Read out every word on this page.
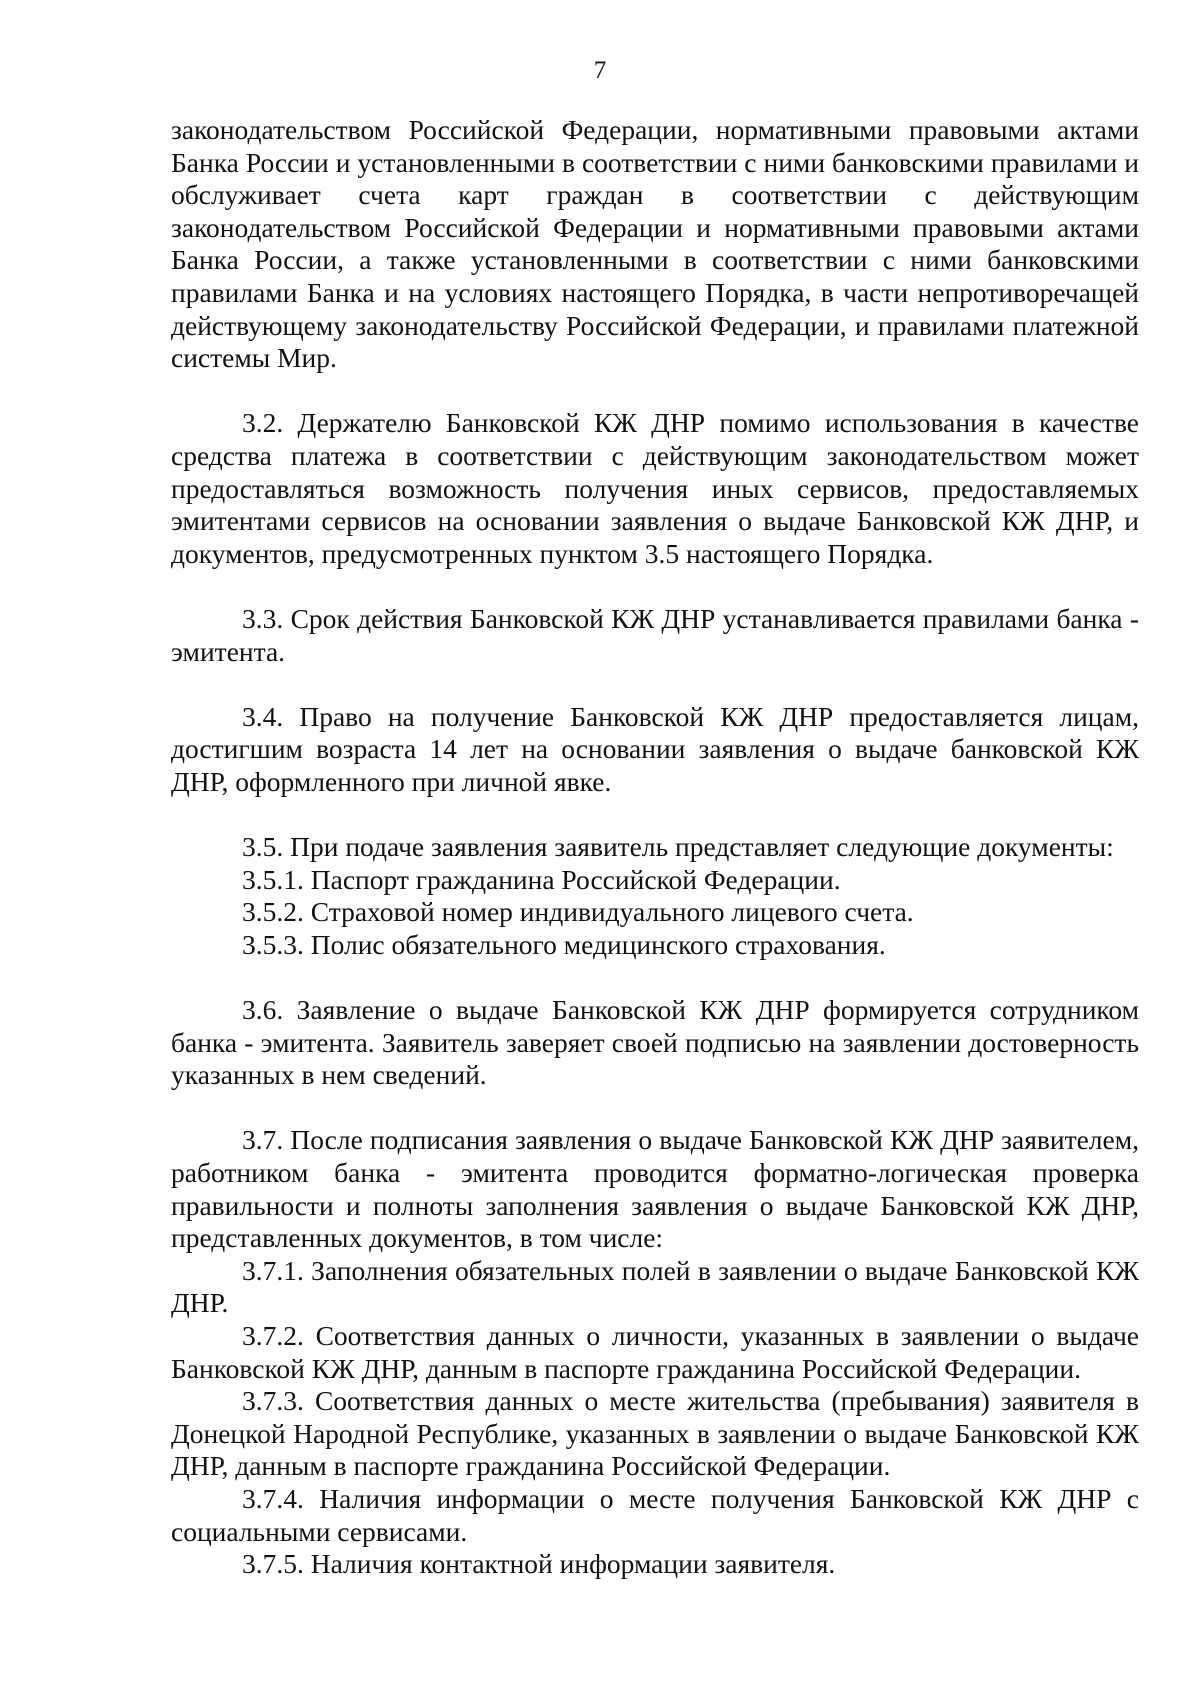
7

законодательством Российской Федерации, нормативными правовыми актами Банка России и установленными в соответствии с ними банковскими правилами и обслуживает счета карт граждан в соответствии с действующим законодательством Российской Федерации и нормативными правовыми актами Банка России, а также установленными в соответствии с ними банковскими правилами Банка и на условиях настоящего Порядка, в части непротиворечащей действующему законодательству Российской Федерации, и правилами платежной системы Мир.

3.2. Держателю Банковской КЖ ДНР помимо использования в качестве средства платежа в соответствии с действующим законодательством может предоставляться возможность получения иных сервисов, предоставляемых эмитентами сервисов на основании заявления о выдаче Банковской КЖ ДНР, и документов, предусмотренных пунктом 3.5 настоящего Порядка.

3.3. Срок действия Банковской КЖ ДНР устанавливается правилами банка - эмитента.

3.4. Право на получение Банковской КЖ ДНР предоставляется лицам, достигшим возраста 14 лет на основании заявления о выдаче банковской КЖ ДНР, оформленного при личной явке.

3.5. При подаче заявления заявитель представляет следующие документы:

3.5.1. Паспорт гражданина Российской Федерации.

3.5.2. Страховой номер индивидуального лицевого счета.

3.5.3. Полис обязательного медицинского страхования.

3.6. Заявление о выдаче Банковской КЖ ДНР формируется сотрудником банка - эмитента. Заявитель заверяет своей подписью на заявлении достоверность указанных в нем сведений.

3.7. После подписания заявления о выдаче Банковской КЖ ДНР заявителем, работником банка - эмитента проводится форматно-логическая проверка правильности и полноты заполнения заявления о выдаче Банковской КЖ ДНР, представленных документов, в том числе:

3.7.1. Заполнения обязательных полей в заявлении о выдаче Банковской КЖ ДНР.

3.7.2. Соответствия данных о личности, указанных в заявлении о выдаче Банковской КЖ ДНР, данным в паспорте гражданина Российской Федерации.

3.7.3. Соответствия данных о месте жительства (пребывания) заявителя в Донецкой Народной Республике, указанных в заявлении о выдаче Банковской КЖ ДНР, данным в паспорте гражданина Российской Федерации.

3.7.4. Наличия информации о месте получения Банковской КЖ ДНР с социальными сервисами.

3.7.5. Наличия контактной информации заявителя.
